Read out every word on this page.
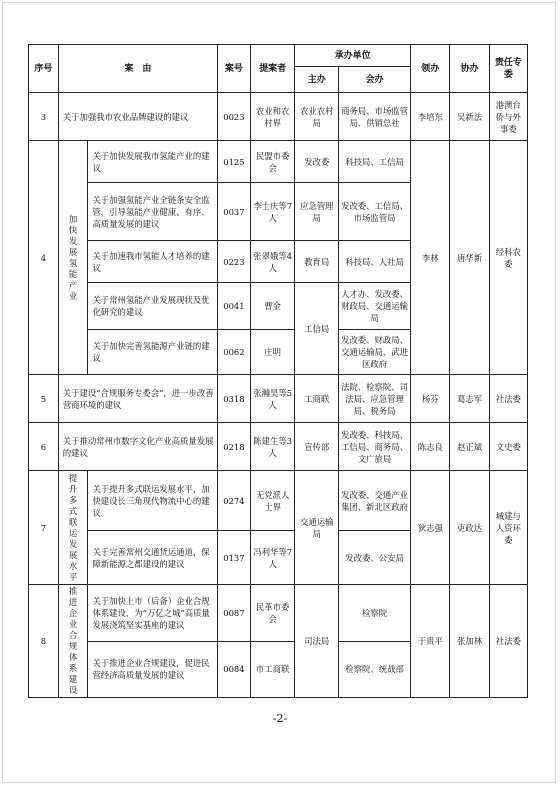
序号	案　由		案号	提案者	承办单位		领办	协办	责任专委
					主办	会办			
3	关于加强我市农业品牌建设的建议		0023	农业和农村界	农业农村局	商务局、市场监管局、供销总社	李培东	吴新法	港澳台侨与外事委
4	加快发展氢能产业	关于加快发展我市氢能产业的建议	0125	民盟市委会	发改委	科技局、工信局	李林	唐华新	经科农委
		关于加强氢能产业全链条安全监管，引导氢能产业健康、有序、高质量发展的建议	0037	李士庆等7人	应急管理局	发改委、工信局、市场监管局			
		关于加速我市氢能人才培养的建议	0223	张翠娥等4人	教育局	科技局、人社局			
		关于常州氢能产业发展现状及优化研究的建议	0041	曹金	工信局	人才办、发改委、财政局、交通运输局			
		关于加快完善氢能源产业链的建议	0062	庄明		发改委、财政局、交通运输局、武进区政府			
5	关于建设“合规服务专委会”，进一步改善营商环境的建议		0318	张瀚昊等5人	工商联	法院、检察院、司法局、应急管理局、税务局	杨芬	葛志军	社法委
6	关于推动常州市数字文化产业高质量发展的建议		0218	陈建生等3人	宣传部	发改委、科技局、工信局、商务局、文广旅局	陈志良	赵正斌	文史委
7	提升多式联运发展水平	关于提升多式联运发展水平，加快建设长三角现代物流中心的建议	0274	无党派人士界	交通运输局	发改委、交通产业集团、新北区政府	狄志强	吏政达	城建与人资环委
		关于完善常州交通货运通道，保障新能源之都建设的建议	0137	冯利华等7人		发改委、公安局			
8	推进企业合规体系建设	关于加快上市（后备）企业合规体系建设，为“万亿之城”高质量发展浇筑坚实基座的建议	0087	民革市委会	司法局	检察院	于贵平	张加林	社法委
		关于推进企业合规建设，促进民营经济高质量发展的建议	0084	市工商联		检察院、统战部			
-2-
